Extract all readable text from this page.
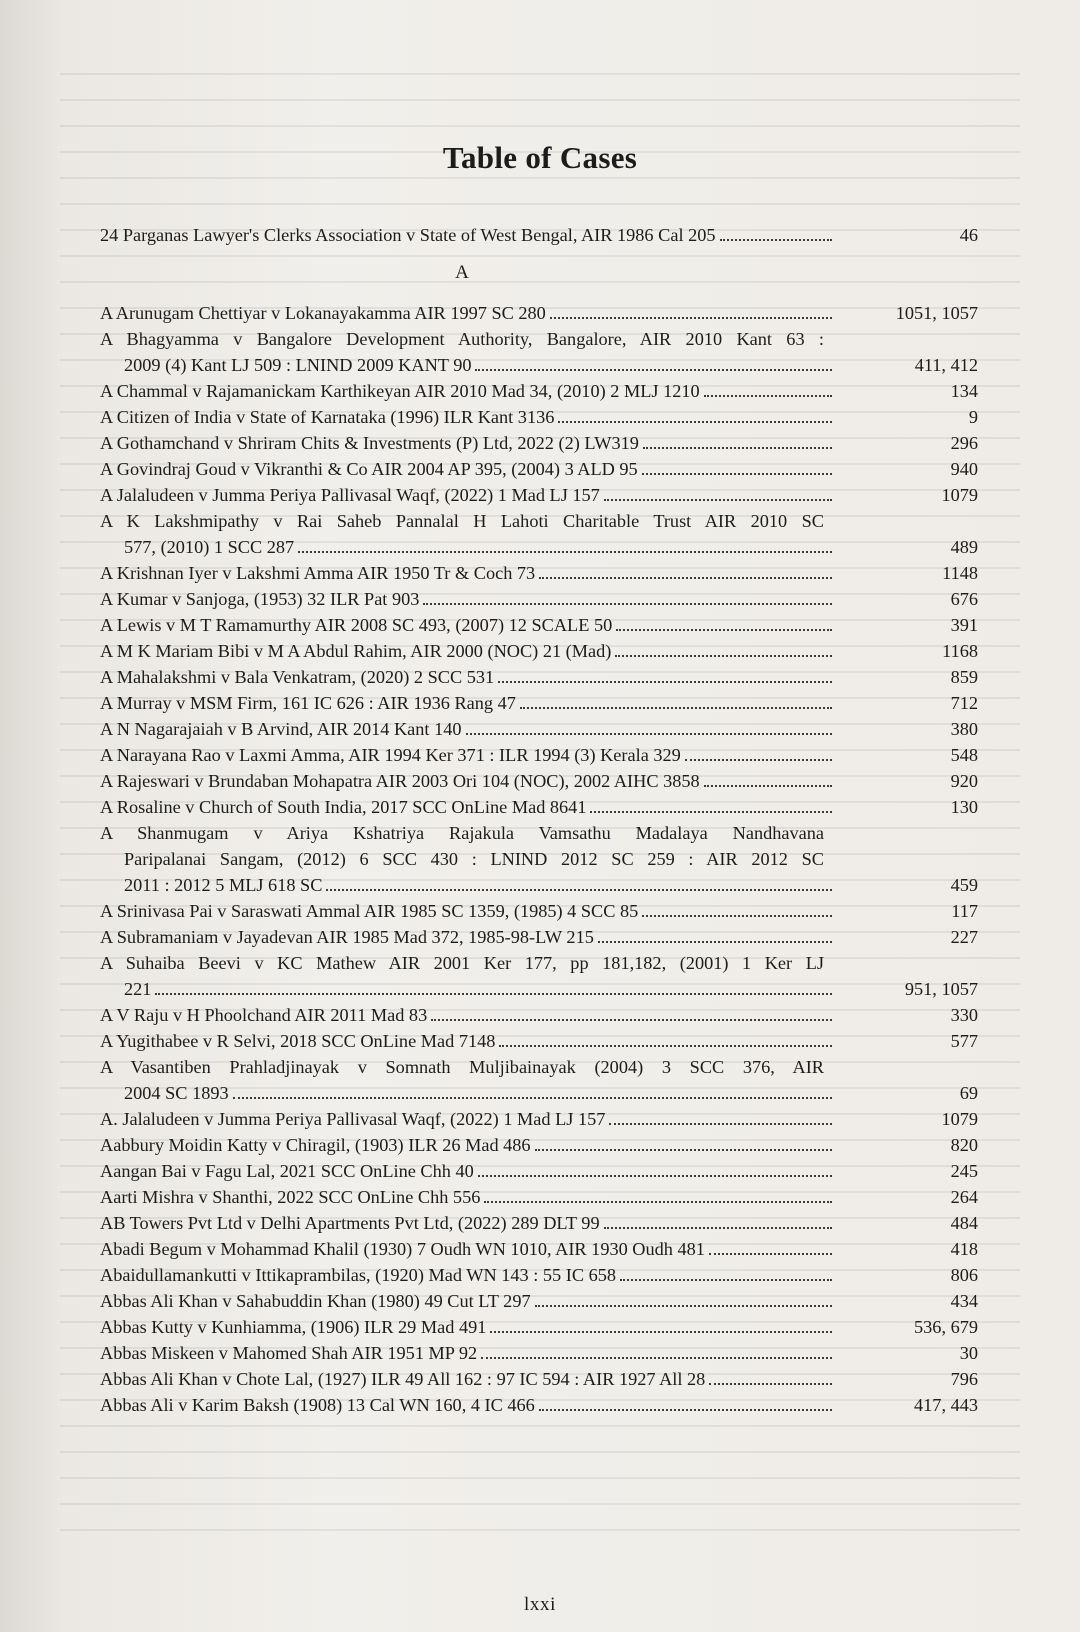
Table of Cases
24 Parganas Lawyer's Clerks Association v State of West Bengal, AIR 1986 Cal 205	46
A
A Arunugam Chettiyar v Lokanayakamma AIR 1997 SC 280	1051, 1057
A Bhagyamma v Bangalore Development Authority, Bangalore, AIR 2010 Kant 63 :
2009 (4) Kant LJ 509 : LNIND 2009 KANT 90	411, 412
A Chammal v Rajamanickam Karthikeyan AIR 2010 Mad 34, (2010) 2 MLJ 1210	134
A Citizen of India v State of Karnataka (1996) ILR Kant 3136	9
A Gothamchand v Shriram Chits & Investments (P) Ltd, 2022 (2) LW319	296
A Govindraj Goud v Vikranthi & Co AIR 2004 AP 395, (2004) 3 ALD 95	940
A Jalaludeen v Jumma Periya Pallivasal Waqf, (2022) 1 Mad LJ 157	1079
A K Lakshmipathy v Rai Saheb Pannalal H Lahoti Charitable Trust AIR 2010 SC
577, (2010) 1 SCC 287	489
A Krishnan Iyer v Lakshmi Amma AIR 1950 Tr & Coch 73	1148
A Kumar v Sanjoga, (1953) 32 ILR Pat 903	676
A Lewis v M T Ramamurthy AIR 2008 SC 493, (2007) 12 SCALE 50	391
A M K Mariam Bibi v M A Abdul Rahim, AIR 2000 (NOC) 21 (Mad)	1168
A Mahalakshmi v Bala Venkatram, (2020) 2 SCC 531	859
A Murray v MSM Firm, 161 IC 626 : AIR 1936 Rang 47	712
A N Nagarajaiah v B Arvind, AIR 2014 Kant 140	380
A Narayana Rao v Laxmi Amma, AIR 1994 Ker 371 : ILR 1994 (3) Kerala 329	548
A Rajeswari v Brundaban Mohapatra AIR 2003 Ori 104 (NOC), 2002 AIHC 3858	920
A Rosaline v Church of South India, 2017 SCC OnLine Mad 8641	130
A Shanmugam v Ariya Kshatriya Rajakula Vamsathu Madalaya Nandhavana
Paripalanai Sangam, (2012) 6 SCC 430 : LNIND 2012 SC 259 : AIR 2012 SC
2011 : 2012 5 MLJ 618 SC	459
A Srinivasa Pai v Saraswati Ammal AIR 1985 SC 1359, (1985) 4 SCC 85	117
A Subramaniam v Jayadevan AIR 1985 Mad 372, 1985-98-LW 215	227
A Suhaiba Beevi v KC Mathew AIR 2001 Ker 177, pp 181,182, (2001) 1 Ker LJ
221	951, 1057
A V Raju v H Phoolchand AIR 2011 Mad 83	330
A Yugithabee v R Selvi, 2018 SCC OnLine Mad 7148	577
A Vasantiben Prahladjinayak v Somnath Muljibainayak (2004) 3 SCC 376, AIR
2004 SC 1893	69
A. Jalaludeen v Jumma Periya Pallivasal Waqf, (2022) 1 Mad LJ 157	1079
Aabbury Moidin Katty v Chiragil, (1903) ILR 26 Mad 486	820
Aangan Bai v Fagu Lal, 2021 SCC OnLine Chh 40	245
Aarti Mishra v Shanthi, 2022 SCC OnLine Chh 556	264
AB Towers Pvt Ltd v Delhi Apartments Pvt Ltd, (2022) 289 DLT 99	484
Abadi Begum v Mohammad Khalil (1930) 7 Oudh WN 1010, AIR 1930 Oudh 481	418
Abaidullamankutti v Ittikaprambilas, (1920) Mad WN 143 : 55 IC 658	806
Abbas Ali Khan v Sahabuddin Khan (1980) 49 Cut LT 297	434
Abbas Kutty v Kunhiamma, (1906) ILR 29 Mad 491	536, 679
Abbas Miskeen v Mahomed Shah AIR 1951 MP 92	30
Abbas Ali Khan v Chote Lal, (1927) ILR 49 All 162 : 97 IC 594 : AIR 1927 All 28	796
Abbas Ali v Karim Baksh (1908) 13 Cal WN 160, 4 IC 466	417, 443
lxxi
